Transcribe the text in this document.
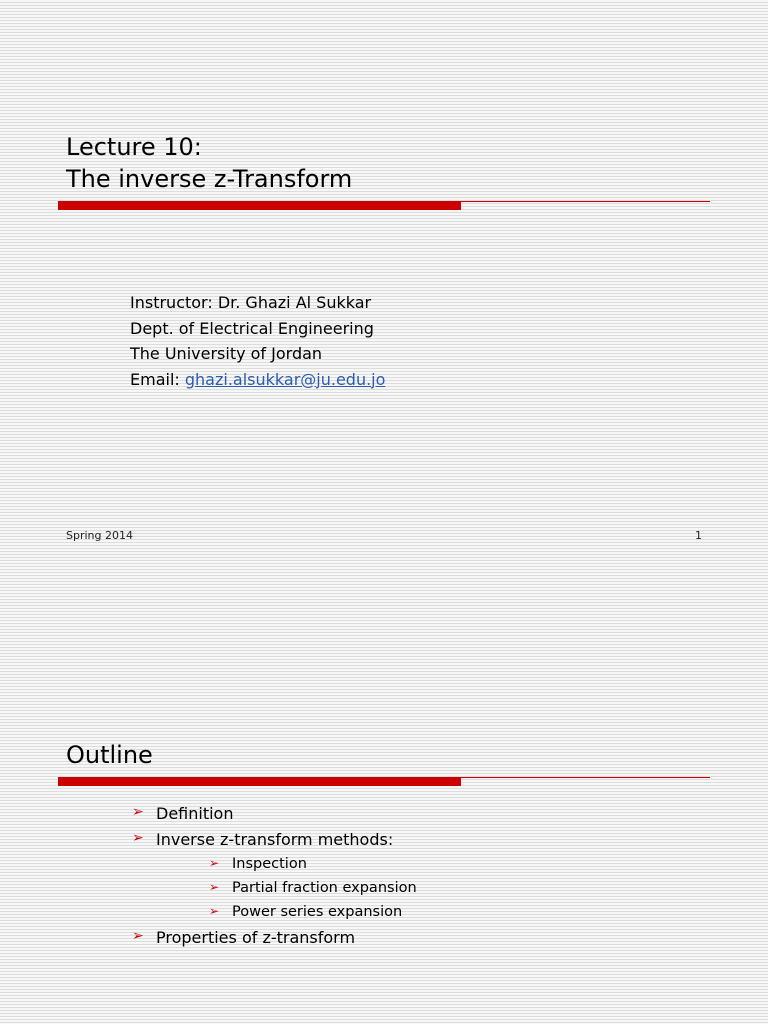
Lecture 10:
The inverse z-Transform
Instructor: Dr. Ghazi Al Sukkar
Dept. of Electrical Engineering
The University of Jordan
Email: ghazi.alsukkar@ju.edu.jo
Spring 2014	1
Outline
➢ Definition
➢ Inverse z-transform methods:
➢ Inspection
➢ Partial fraction expansion
➢ Power series expansion
➢ Properties of z-transform
